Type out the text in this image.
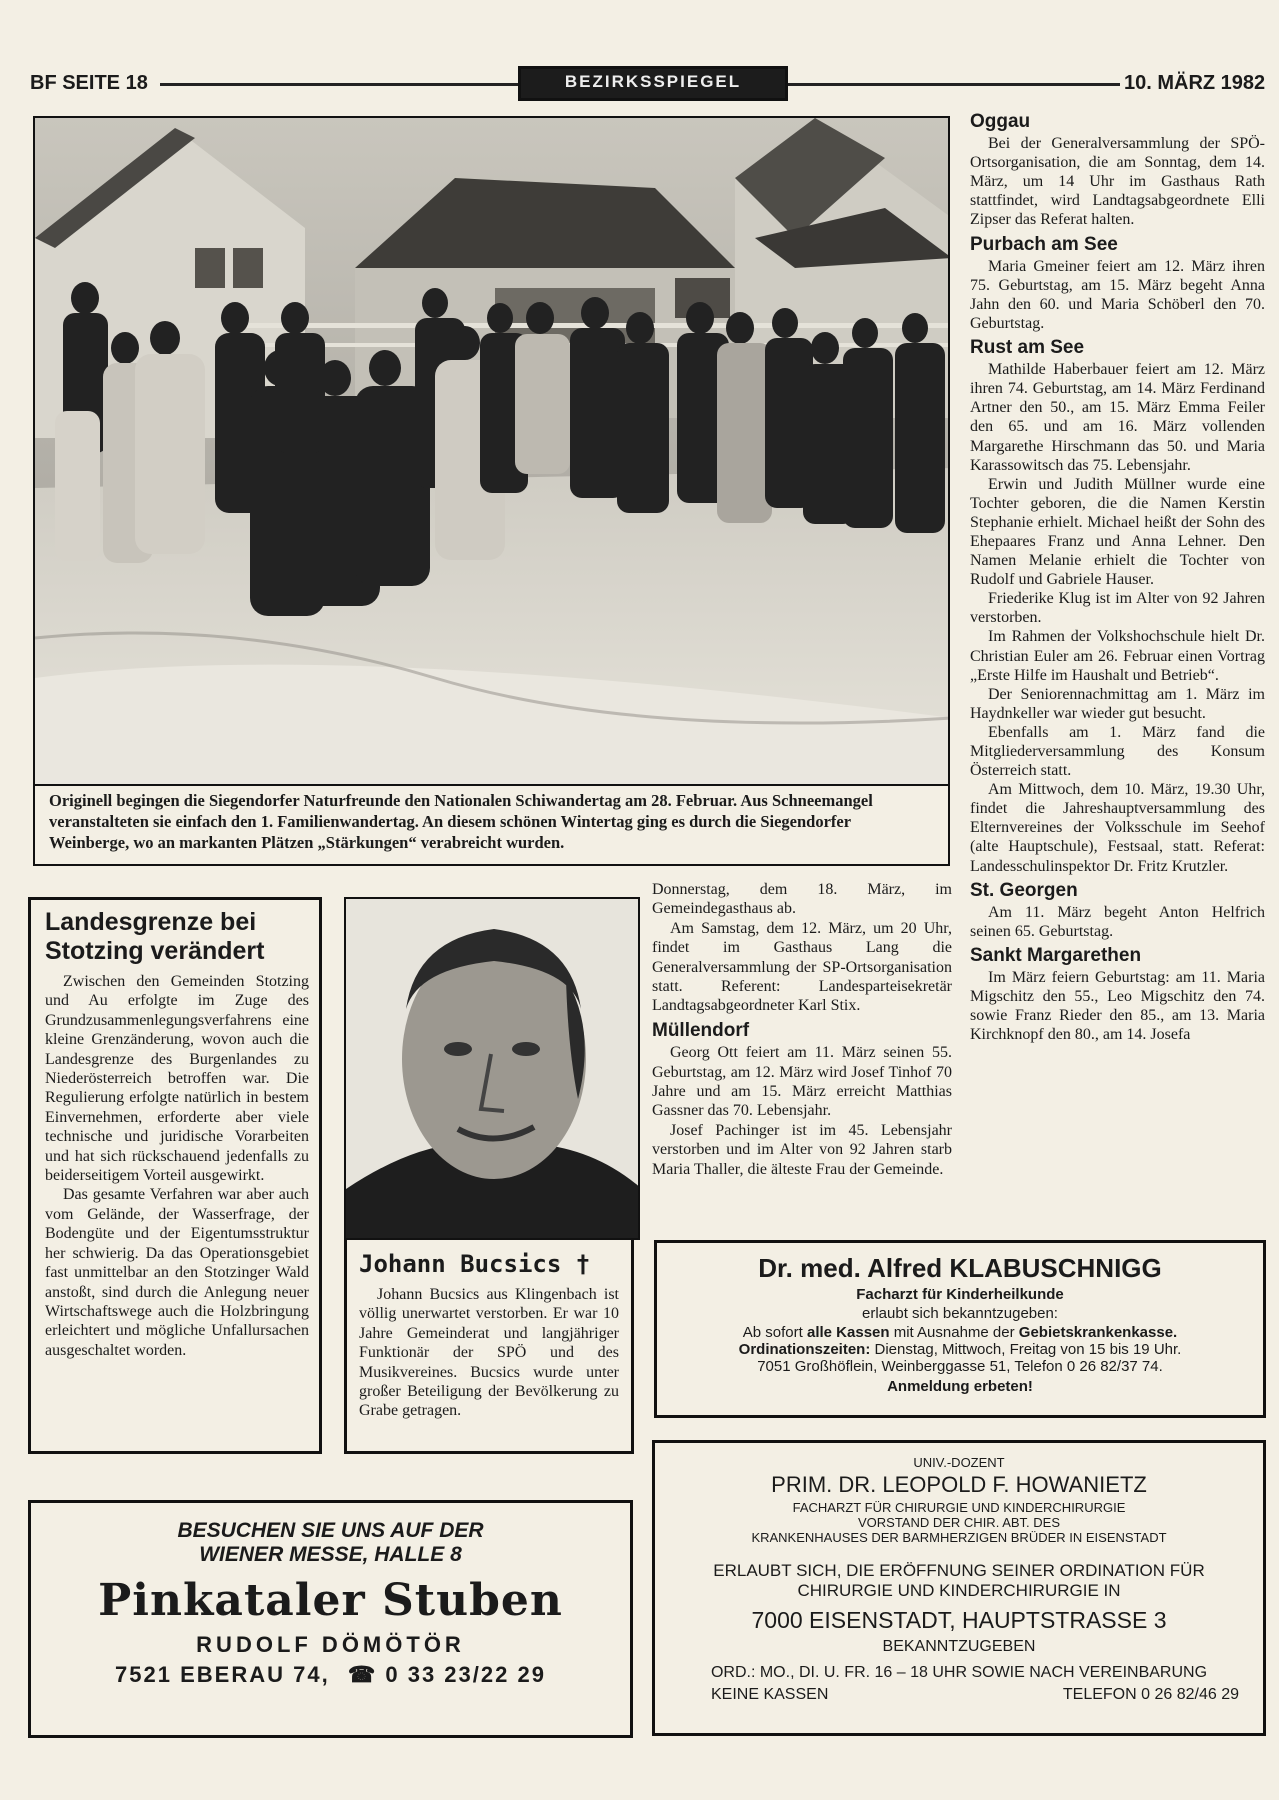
BF SEITE 18	BEZIRKSSPIEGEL	10. MÄRZ 1982
Originell begingen die Siegendorfer Naturfreunde den Nationalen Schiwandertag am 28. Februar. Aus Schneemangel veranstalteten sie einfach den 1. Familienwandertag. An diesem schönen Wintertag ging es durch die Siegendorfer Weinberge, wo an markanten Plätzen „Stärkungen“ verabreicht wurden.
Landesgrenze bei Stotzing verändert

Zwischen den Gemeinden Stotzing und Au erfolgte im Zuge des Grundzusammenlegungsverfahrens eine kleine Grenzänderung, wovon auch die Landesgrenze des Burgenlandes zu Niederösterreich betroffen war. Die Regulierung erfolgte natürlich in bestem Einvernehmen, erforderte aber viele technische und juridische Vorarbeiten und hat sich rückschauend jedenfalls zu beiderseitigem Vorteil ausgewirkt.

Das gesamte Verfahren war aber auch vom Gelände, der Wasserfrage, der Bodengüte und der Eigentumsstruktur her schwierig. Da das Operationsgebiet fast unmittelbar an den Stotzinger Wald anstoßt, sind durch die Anlegung neuer Wirtschaftswege auch die Holzbringung erleichtert und mögliche Unfallursachen ausgeschaltet worden.

Johann Bucsics †

Johann Bucsics aus Klingenbach ist völlig unerwartet verstorben. Er war 10 Jahre Gemeinderat und langjähriger Funktionär der SPÖ und des Musikvereines. Bucsics wurde unter großer Beteiligung der Bevölkerung zu Grabe getragen.

Donnerstag, dem 18. März, im Gemeindegasthaus ab.

Am Samstag, dem 12. März, um 20 Uhr, findet im Gasthaus Lang die Generalversammlung der SP-Ortsorganisation statt. Referent: Landesparteisekretär Landtagsabgeordneter Karl Stix.

Müllendorf

Georg Ott feiert am 11. März seinen 55. Geburtstag, am 12. März wird Josef Tinhof 70 Jahre und am 15. März erreicht Matthias Gassner das 70. Lebensjahr.

Josef Pachinger ist im 45. Lebensjahr verstorben und im Alter von 92 Jahren starb Maria Thaller, die älteste Frau der Gemeinde.

Oggau

Bei der Generalversammlung der SPÖ-Ortsorganisation, die am Sonntag, dem 14. März, um 14 Uhr im Gasthaus Rath stattfindet, wird Landtagsabgeordnete Elli Zipser das Referat halten.

Purbach am See

Maria Gmeiner feiert am 12. März ihren 75. Geburtstag, am 15. März begeht Anna Jahn den 60. und Maria Schöberl den 70. Geburtstag.

Rust am See

Mathilde Haberbauer feiert am 12. März ihren 74. Geburtstag, am 14. März Ferdinand Artner den 50., am 15. März Emma Feiler den 65. und am 16. März vollenden Margarethe Hirschmann das 50. und Maria Karassowitsch das 75. Lebensjahr.

Erwin und Judith Müllner wurde eine Tochter geboren, die die Namen Kerstin Stephanie erhielt. Michael heißt der Sohn des Ehepaares Franz und Anna Lehner. Den Namen Melanie erhielt die Tochter von Rudolf und Gabriele Hauser.

Friederike Klug ist im Alter von 92 Jahren verstorben.

Im Rahmen der Volkshochschule hielt Dr. Christian Euler am 26. Februar einen Vortrag „Erste Hilfe im Haushalt und Betrieb“.

Der Seniorennachmittag am 1. März im Haydnkeller war wieder gut besucht.

Ebenfalls am 1. März fand die Mitgliederversammlung des Konsum Österreich statt.

Am Mittwoch, dem 10. März, 19.30 Uhr, findet die Jahreshauptversammlung des Elternvereines der Volksschule im Seehof (alte Hauptschule), Festsaal, statt. Referat: Landesschulinspektor Dr. Fritz Krutzler.

St. Georgen

Am 11. März begeht Anton Helfrich seinen 65. Geburtstag.

Sankt Margarethen

Im März feiern Geburtstag: am 11. Maria Migschitz den 55., Leo Migschitz den 74. sowie Franz Rieder den 85., am 13. Maria Kirchknopf den 80., am 14. Josefa

Dr. med. Alfred KLABUSCHNIGG
Facharzt für Kinderheilkunde
erlaubt sich bekanntzugeben:
Ab sofort alle Kassen mit Ausnahme der Gebietskrankenkasse.
Ordinationszeiten: Dienstag, Mittwoch, Freitag von 15 bis 19 Uhr.
7051 Großhöflein, Weinberggasse 51, Telefon 0 26 82/37 74.
Anmeldung erbeten!
UNIV.-DOZENT
PRIM. DR. LEOPOLD F. HOWANIETZ
FACHARZT FÜR CHIRURGIE UND KINDERCHIRURGIE
VORSTAND DER CHIR. ABT. DES
KRANKENHAUSES DER BARMHERZIGEN BRÜDER IN EISENSTADT
ERLAUBT SICH, DIE ERÖFFNUNG SEINER ORDINATION FÜR
CHIRURGIE UND KINDERCHIRURGIE IN
7000 EISENSTADT, HAUPTSTRASSE 3
BEKANNTZUGEBEN
ORD.: MO., DI. U. FR. 16 – 18 UHR SOWIE NACH VEREINBARUNG
KEINE KASSEN	TELEFON 0 26 82/46 29
BESUCHEN SIE UNS AUF DER
WIENER MESSE, HALLE 8
Pinkataler Stuben
RUDOLF DÖMÖTÖR
7521 EBERAU 74, ☎ 0 33 23/22 29
